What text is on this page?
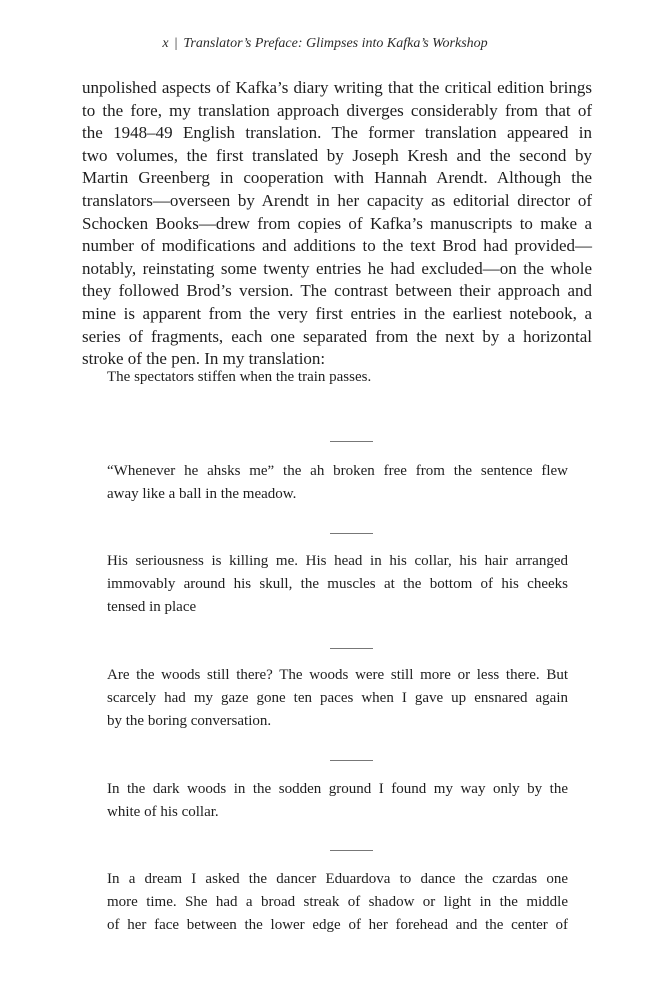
x | Translator’s Preface: Glimpses into Kafka’s Workshop
unpolished aspects of Kafka’s diary writing that the critical edition brings
to the fore, my translation approach diverges considerably from that of
the 1948–49 English translation. The former translation appeared in
two volumes, the first translated by Joseph Kresh and the second by
Martin Greenberg in cooperation with Hannah Arendt. Although the
translators—overseen by Arendt in her capacity as editorial director of
Schocken Books—drew from copies of Kafka’s manuscripts to make a
number of modifications and additions to the text Brod had provided—
notably, reinstating some twenty entries he had excluded—on the whole
they followed Brod’s version. The contrast between their approach and
mine is apparent from the very first entries in the earliest notebook, a
series of fragments, each one separated from the next by a horizontal
stroke of the pen. In my translation:
The spectators stiffen when the train passes.
“Whenever he ahsks me” the ah broken free from the sentence flew
away like a ball in the meadow.
His seriousness is killing me. His head in his collar, his hair arranged
immovably around his skull, the muscles at the bottom of his cheeks
tensed in place
Are the woods still there? The woods were still more or less there. But
scarcely had my gaze gone ten paces when I gave up ensnared again
by the boring conversation.
In the dark woods in the sodden ground I found my way only by the
white of his collar.
In a dream I asked the dancer Eduardova to dance the czardas one
more time. She had a broad streak of shadow or light in the middle
of her face between the lower edge of her forehead and the center of
